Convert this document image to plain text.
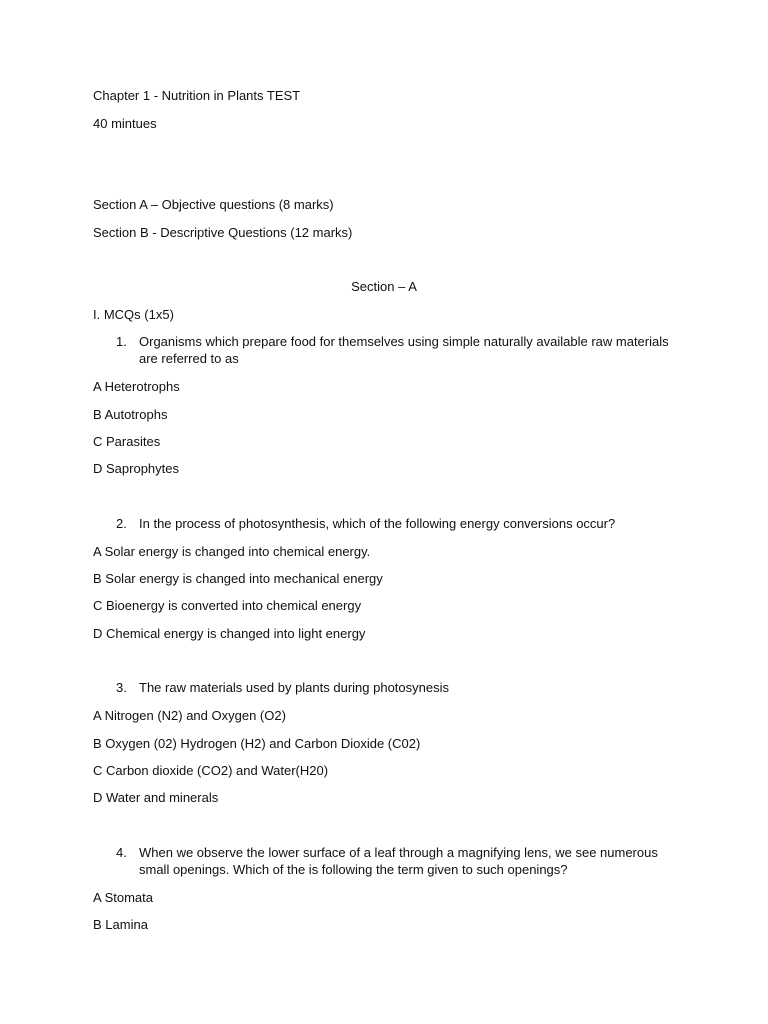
Chapter 1 - Nutrition in Plants TEST
40 mintues
Section A – Objective questions (8 marks)
Section B - Descriptive Questions (12 marks)
Section – A
I. MCQs (1x5)
1. Organisms which prepare food for themselves using simple naturally available raw materials
are referred to as
A Heterotrophs
B Autotrophs
C Parasites
D Saprophytes
2. In the process of photosynthesis, which of the following energy conversions occur?
A Solar energy is changed into chemical energy.
B Solar energy is changed into mechanical energy
C Bioenergy is converted into chemical energy
D Chemical energy is changed into light energy
3. The raw materials used by plants during photosynesis
A Nitrogen (N2) and Oxygen (O2)
B Oxygen (02) Hydrogen (H2) and Carbon Dioxide (C02)
C Carbon dioxide (CO2) and Water(H20)
D Water and minerals
4. When we observe the lower surface of a leaf through a magnifying lens, we see numerous
small openings. Which of the is following the term given to such openings?
A Stomata
B Lamina
